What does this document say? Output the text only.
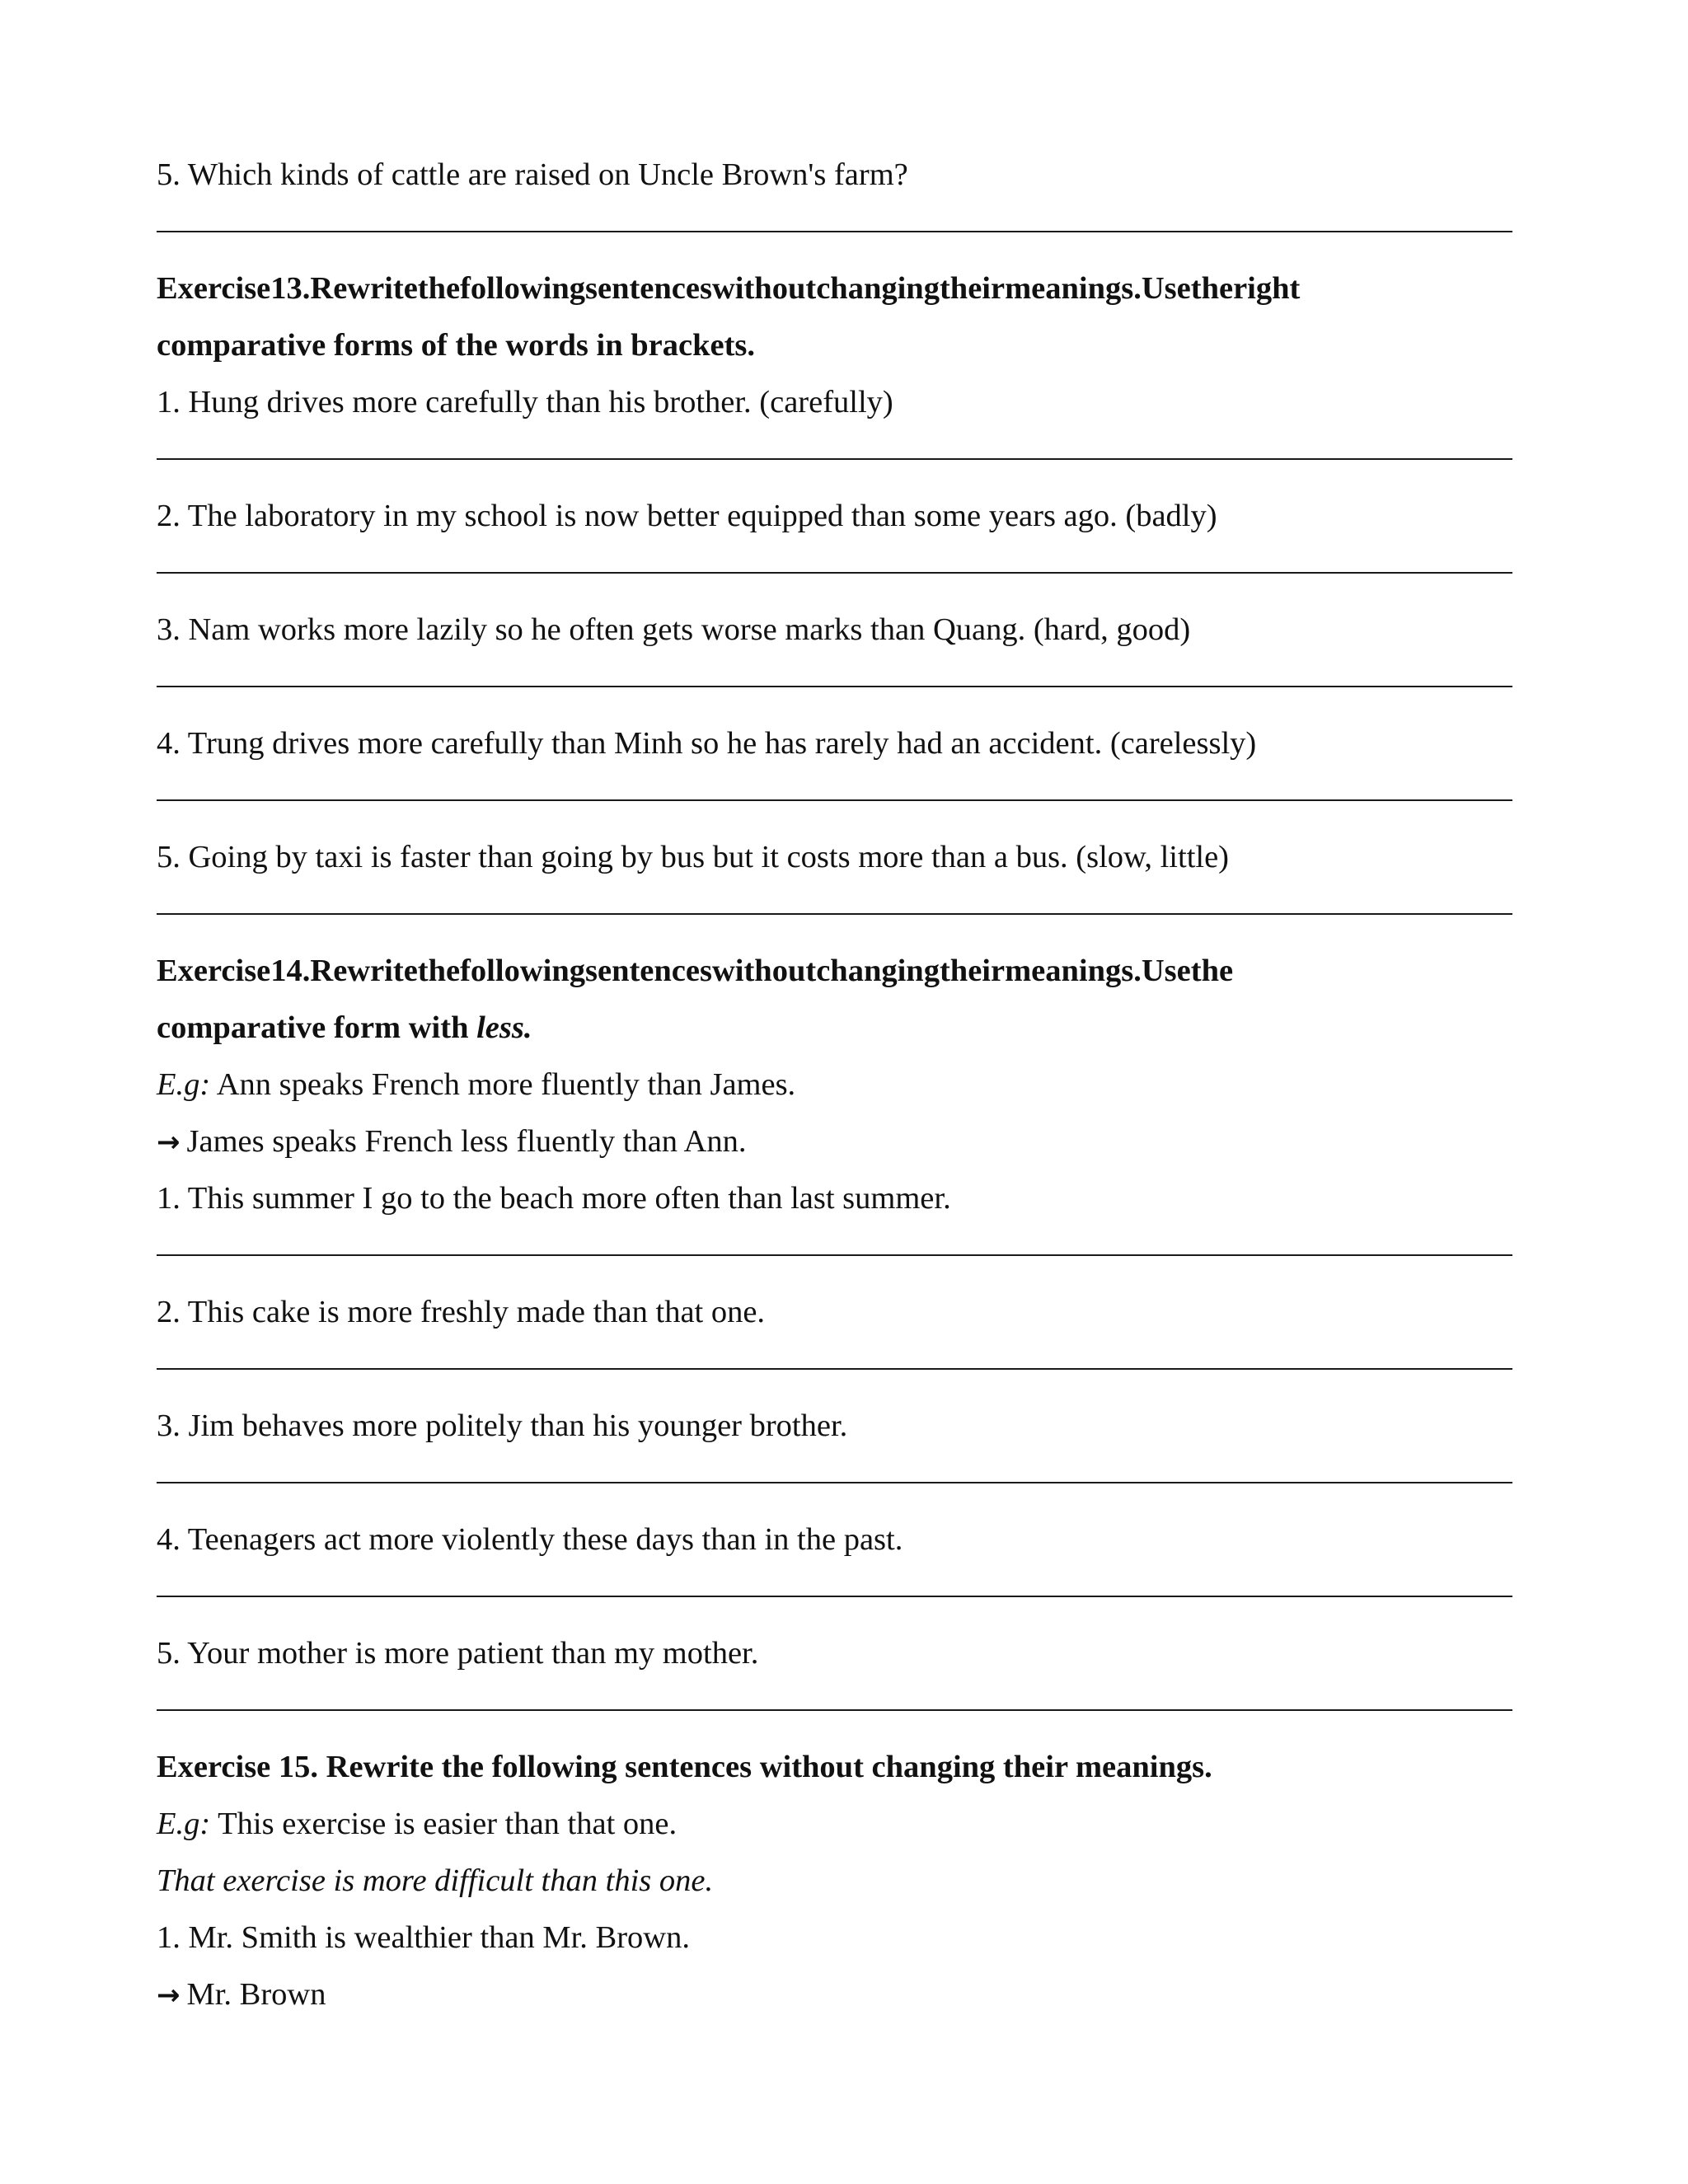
5. Which kinds of cattle are raised on Uncle Brown's farm?
Exercise13.Rewritethefollowingsentenceswithoutchangingtheirmeanings.Usetheright
comparative forms of the words in brackets.
1. Hung drives more carefully than his brother. (carefully)
2. The laboratory in my school is now better equipped than some years ago. (badly)
3. Nam works more lazily so he often gets worse marks than Quang. (hard, good)
4. Trung drives more carefully than Minh so he has rarely had an accident. (carelessly)
5. Going by taxi is faster than going by bus but it costs more than a bus. (slow, little)
Exercise14.Rewritethefollowingsentenceswithoutchangingtheirmeanings.Usethe
comparative form with less.
E.g: Ann speaks French more fluently than James.
→ James speaks French less fluently than Ann.
1. This summer I go to the beach more often than last summer.
2. This cake is more freshly made than that one.
3. Jim behaves more politely than his younger brother.
4. Teenagers act more violently these days than in the past.
5. Your mother is more patient than my mother.
Exercise 15. Rewrite the following sentences without changing their meanings.
E.g: This exercise is easier than that one.
That exercise is more difficult than this one.
1. Mr. Smith is wealthier than Mr. Brown.
→ Mr. Brown
